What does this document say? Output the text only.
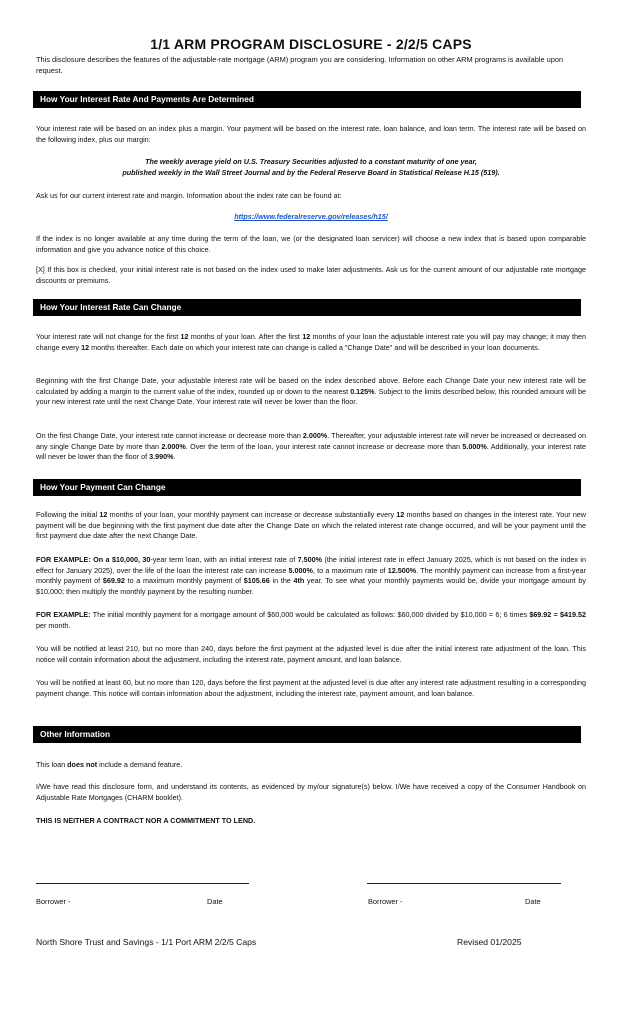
1/1 ARM PROGRAM DISCLOSURE - 2/2/5 CAPS
This disclosure describes the features of the adjustable-rate mortgage (ARM) program you are considering. Information on other ARM programs is available upon request.
How Your Interest Rate And Payments Are Determined
Your interest rate will be based on an index plus a margin. Your payment will be based on the interest rate, loan balance, and loan term. The interest rate will be based on the following index, plus our margin:
The weekly average yield on U.S. Treasury Securities adjusted to a constant maturity of one year,
published weekly in the Wall Street Journal and by the Federal Reserve Board in Statistical Release H.15 (519).
Ask us for our current interest rate and margin. Information about the index rate can be found at:
https://www.federalreserve.gov/releases/h15/
If the index is no longer available at any time during the term of the loan, we (or the designated loan servicer) will choose a new index that is based upon comparable information and give you advance notice of this choice.
[X] If this box is checked, your initial interest rate is not based on the index used to make later adjustments. Ask us for the current amount of our adjustable rate mortgage discounts or premiums.
How Your Interest Rate Can Change
Your interest rate will not change for the first 12 months of your loan. After the first 12 months of your loan the adjustable interest rate you will pay may change; it may then change every 12 months thereafter. Each date on which your interest rate can change is called a "Change Date" and will be described in your loan documents.
Beginning with the first Change Date, your adjustable interest rate will be based on the index described above. Before each Change Date your new interest rate will be calculated by adding a margin to the current value of the index, rounded up or down to the nearest 0.125%. Subject to the limits described below, this rounded amount will be your new interest rate until the next Change Date. Your interest rate will never be lower than the floor.
On the first Change Date, your interest rate cannot increase or decrease more than 2.000%. Thereafter, your adjustable interest rate will never be increased or decreased on any single Change Date by more than 2.000%. Over the term of the loan, your interest rate cannot increase or decrease more than 5.000%. Additionally, your interest rate will never be lower than the floor of 3.990%.
How Your Payment Can Change
Following the initial 12 months of your loan, your monthly payment can increase or decrease substantially every 12 months based on changes in the interest rate. Your new payment will be due beginning with the first payment due date after the Change Date on which the related interest rate change occurred, and will be your payment until the first payment due date after the next Change Date.
FOR EXAMPLE: On a $10,000, 30-year term loan, with an initial interest rate of 7.500% (the initial interest rate in effect January 2025, which is not based on the index in effect for January 2025), over the life of the loan the interest rate can increase 5.000%, to a maximum rate of 12.500%. The monthly payment can increase from a first-year monthly payment of $69.92 to a maximum monthly payment of $105.66 in the 4th year. To see what your monthly payments would be, divide your mortgage amount by $10,000; then multiply the monthly payment by the resulting number.
FOR EXAMPLE: The initial monthly payment for a mortgage amount of $60,000 would be calculated as follows: $60,000 divided by $10,000 = 6; 6 times $69.92 = $419.52 per month.
You will be notified at least 210, but no more than 240, days before the first payment at the adjusted level is due after the initial interest rate adjustment of the loan. This notice will contain information about the adjustment, including the interest rate, payment amount, and loan balance.
You will be notified at least 60, but no more than 120, days before the first payment at the adjusted level is due after any interest rate adjustment resulting in a corresponding payment change. This notice will contain information about the adjustment, including the interest rate, payment amount, and loan balance.
Other Information
This loan does not include a demand feature.
I/We have read this disclosure form, and understand its contents, as evidenced by my/our signature(s) below. I/We have received a copy of the Consumer Handbook on Adjustable Rate Mortgages (CHARM booklet).
THIS IS NEITHER A CONTRACT NOR A COMMITMENT TO LEND.
Borrower -	Date	Borrower -	Date
North Shore Trust and Savings - 1/1 Port ARM 2/2/5 Caps	Revised 01/2025
